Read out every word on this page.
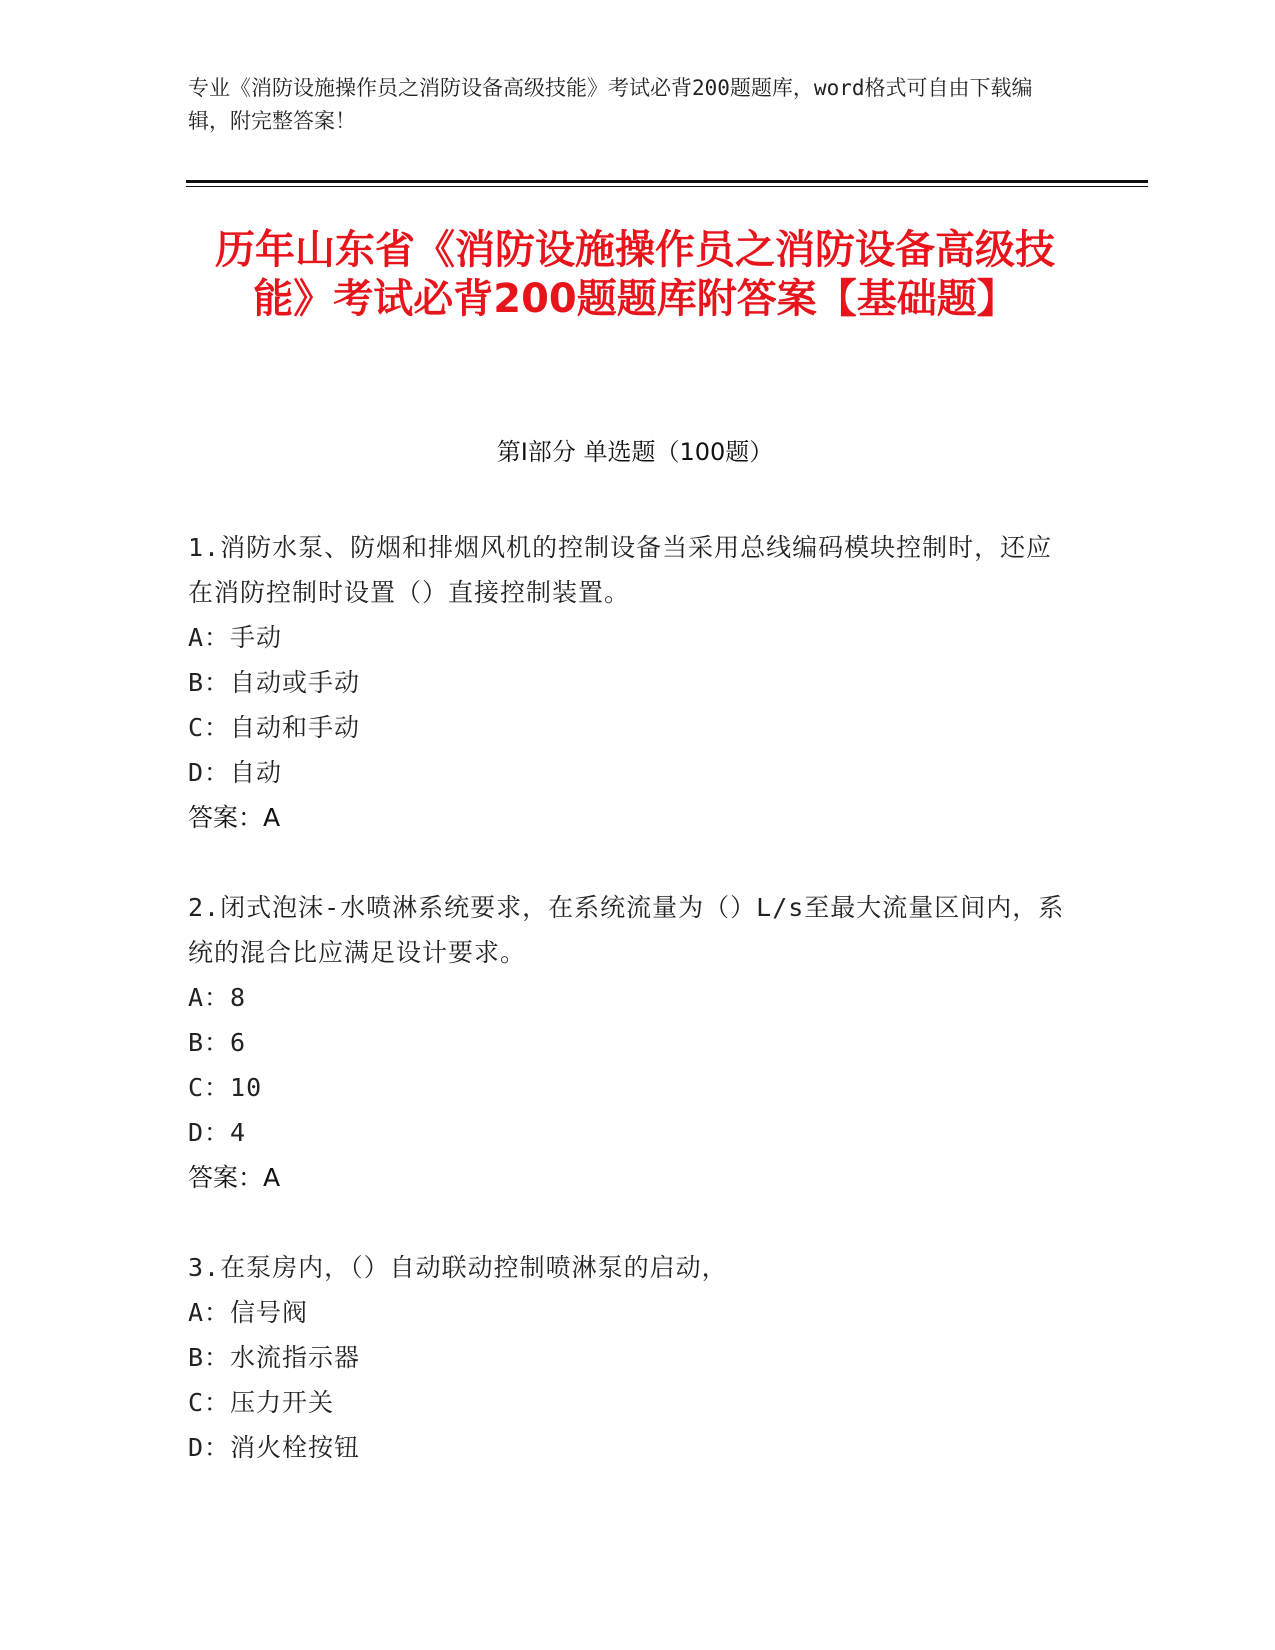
专业《消防设施操作员之消防设备高级技能》考试必背200题题库，word格式可自由下载编辑，附完整答案！
历年山东省《消防设施操作员之消防设备高级技能》考试必背200题题库附答案【基础题】
第I部分 单选题（100题）
1.消防水泵、防烟和排烟风机的控制设备当采用总线编码模块控制时，还应在消防控制时设置（）直接控制装置。
A：手动
B：自动或手动
C：自动和手动
D：自动
答案：A
2.闭式泡沫-水喷淋系统要求，在系统流量为（）L/s至最大流量区间内，系统的混合比应满足设计要求。
A：8
B：6
C：10
D：4
答案：A
3.在泵房内，（）自动联动控制喷淋泵的启动，
A：信号阀
B：水流指示器
C：压力开关
D：消火栓按钮
